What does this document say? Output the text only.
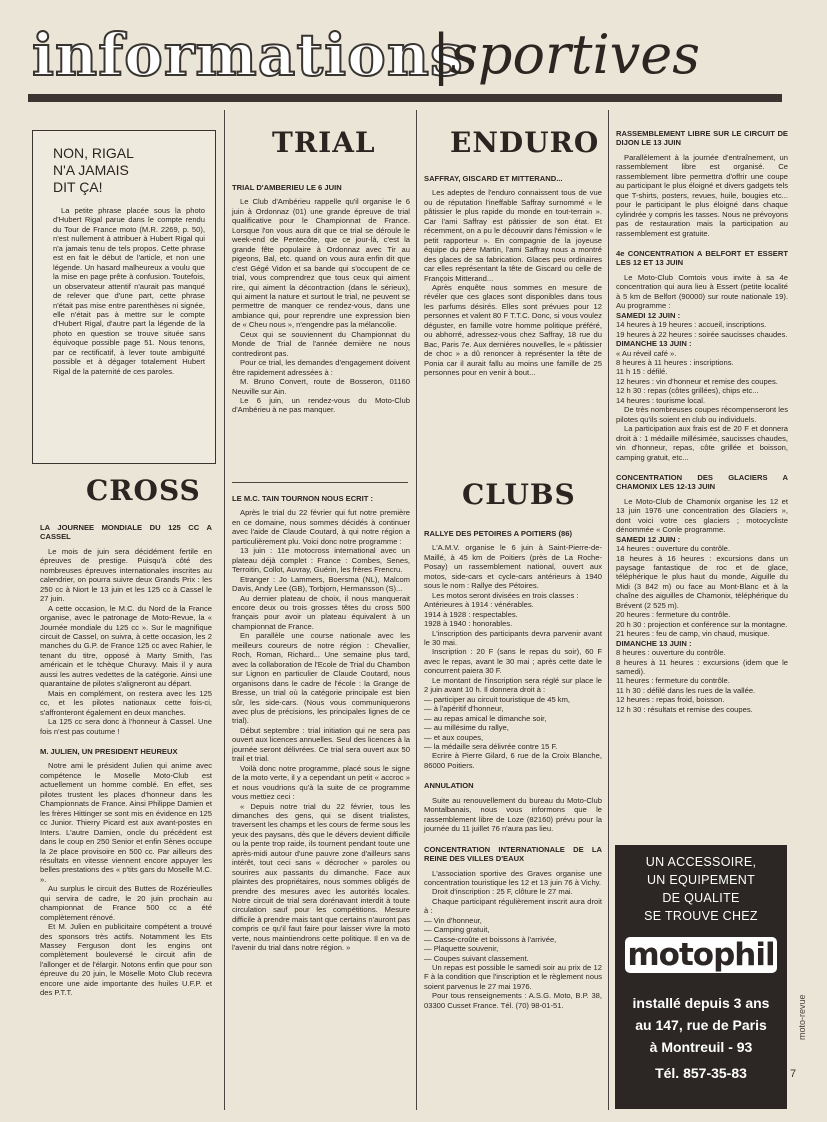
informations
|sportives
NON, RIGAL
N'A JAMAIS
DIT ÇA!
La petite phrase placée sous la photo d'Hubert Rigal parue dans le compte rendu du Tour de France moto (M.R. 2269, p. 50), n'est nullement à attribuer à Hubert Rigal qui n'a jamais tenu de tels propos. Cette phrase est en fait le début de l'article, et non une légende. Un hasard malheureux a voulu que la mise en page prête à confusion. Toutefois, un observateur attentif n'aurait pas manqué de relever que d'une part, cette phrase n'était pas mise entre parenthèses ni signée, elle n'était pas à mettre sur le compte d'Hubert Rigal, d'autre part la légende de la photo en question se trouve située sans équivoque possible page 51. Nous tenons, par ce rectificatif, à lever toute ambiguïté possible et à dégager totalement Hubert Rigal de la paternité de ces paroles.
CROSS

LA JOURNEE MONDIALE DU 125 CC A CASSEL

Le mois de juin sera décidément fertile en épreuves de prestige. Puisqu'à côté des nombreuses épreuves internationales inscrites au calendrier, on pourra suivre deux Grands Prix : les 250 cc à Niort le 13 juin et les 125 cc à Cassel le 27 juin.

A cette occasion, le M.C. du Nord de la France organise, avec le patronage de Moto-Revue, la « Journée mondiale du 125 cc ». Sur le magnifique circuit de Cassel, on suivra, à cette occasion, les 2 manches du G.P. de France 125 cc avec Rahier, le tenant du titre, opposé à Marty Smith, l'as américain et le tchèque Churavy. Mais il y aura aussi les autres vedettes de la catégorie. Ainsi une quarantaine de pilotes s'aligneront au départ.

Mais en complément, on restera avec les 125 cc, et les pilotes nationaux cette fois-ci, s'affronteront également en deux manches.

La 125 cc sera donc à l'honneur à Cassel. Une fois n'est pas coutume !

M. JULIEN, UN PRESIDENT HEUREUX

Notre ami le président Julien qui anime avec compétence le Moselle Moto-Club est actuellement un homme comblé. En effet, ses pilotes trustent les places d'honneur dans les Championnats de France. Ainsi Philippe Damien et les frères Hittinger se sont mis en évidence en 125 cc Junior. Thierry Picard est aux avant-postes en Inters. L'autre Damien, oncle du précédent est dans le coup en 250 Senior et enfin Sènes occupe la 2e place provisoire en 500 cc. Par ailleurs des résultats en vitesse viennent encore appuyer les belles prestations des « p'tits gars du Moselle M.C. ».

Au surplus le circuit des Buttes de Rozérieulles qui servira de cadre, le 20 juin prochain au championnat de France 500 cc a été complètement rénové.

Et M. Julien en publicitaire compétent a trouvé des sponsors très actifs. Notamment les Ets Massey Ferguson dont les engins ont complètement bouleversé le circuit afin de l'allonger et de l'élargir. Notons enfin que pour son épreuve du 20 juin, le Moselle Moto Club recevra encore une aide importante des huiles U.F.P. et des P.T.T.

TRIAL

TRIAL D'AMBERIEU LE 6 JUIN

Le Club d'Ambérieu rappelle qu'il organise le 6 juin à Ordonnaz (01) une grande épreuve de trial qualificative pour le Championnat de France. Lorsque l'on vous aura dit que ce trial se déroule le week-end de Pentecôte, que ce jour-là, c'est la grande fête populaire à Ordonnaz avec Tir au pigeons, Bal, etc. quand on vous aura enfin dit que c'est Gégé Vidon et sa bande qui s'occupent de ce trial, vous comprendrez que tous ceux qui aiment rire, qui aiment la décontraction (dans le sérieux), qui aiment la nature et surtout le trial, ne peuvent se permettre de manquer ce rendez-vous, dans une ambiance qui, pour reprendre une expression bien de « Cheu nous », n'engendre pas la mélancolie.

Ceux qui se souviennent du Championnat du Monde de Trial de l'année dernière ne nous contrediront pas.

Pour ce trial, les demandes d'engagement doivent être rapidement adressées à :

M. Bruno Convert, route de Bosseron, 01160 Neuville sur Ain.

Le 6 juin, un rendez-vous du Moto-Club d'Ambérieu à ne pas manquer.

LE M.C. TAIN TOURNON NOUS ECRIT :

Après le trial du 22 février qui fut notre première en ce domaine, nous sommes décidés à continuer avec l'aide de Claude Coutard, à qui notre région a particulièrement plu. Voici donc notre programme :

13 juin : 11e motocross international avec un plateau déjà complet : France : Combes, Senes, Terroitin, Collot, Auvray, Guérin, les frères Frencru.

Etranger : Jo Lammers, Boersma (NL), Malcom Davis, Andy Lee (GB), Torbjorn, Hermansson (S)...

Au dernier plateau de choix, il nous manquerait encore deux ou trois grosses têtes du cross 500 français pour avoir un plateau équivalent à un championnat de France.

En parallèle une course nationale avec les meilleurs coureurs de notre région : Chevallier, Roch, Roman, Richard... Une semaine plus tard, avec la collaboration de l'Ecole de Trial du Chambon sur Lignon en particulier de Claude Coutard, nous organisons dans le cadre de l'école : la Grange de Bresse, un trial où la catégorie principale est bien sûr, les side-cars. (Nous vous communiquerons avec plus de précisions, les principales lignes de ce trial).

Début septembre : trial initiation qui ne sera pas ouvert aux licences annuelles. Seul des licences à la journée seront délivrées. Ce trial sera ouvert aux 50 trail et trial.

Voilà donc notre programme, placé sous le signe de la moto verte, il y a cependant un petit « accroc » et nous voudrions qu'à la suite de ce programme vous mettiez ceci :

« Depuis notre trial du 22 février, tous les dimanches des gens, qui se disent trialistes, traversent les champs et les cours de ferme sous les yeux des paysans, dès que le dévers devient difficile ou la pente trop raide, ils tournent pendant toute une après-midi autour d'une pauvre zone d'ailleurs sans intérêt, tout ceci sans « décrocher » paroles ou sourires aux passants du dimanche. Face aux plaintes des propriétaires, nous sommes obligés de prendre des mesures avec les autorités locales. Notre circuit de trial sera dorénavant interdit à toute circulation sauf pour les compétitions. Mesure difficile à prendre mais tant que certains n'auront pas compris ce qu'il faut faire pour laisser vivre la moto verte, nous maintiendrons cette politique. Il en va de l'avenir du trial dans notre région. »

ENDURO

SAFFRAY, GISCARD ET MITTERAND...

Les adeptes de l'enduro connaissent tous de vue ou de réputation l'ineffable Saffray surnommé « le pâtissier le plus rapide du monde en tout-terrain ». Car l'ami Saffray est pâtissier de son état. Et récemment, on a pu le découvrir dans l'émission « le petit rapporteur ». En compagnie de la joyeuse équipe du père Martin, l'ami Saffray nous a montré des glaces de sa fabrication. Glaces peu ordinaires car elles représentant la tête de Giscard ou celle de François Mitterand...

Après enquête nous sommes en mesure de révéler que ces glaces sont disponibles dans tous les parfums désirés. Elles sont prévues pour 12 personnes et valent 80 F T.T.C. Donc, si vous voulez déguster, en famille votre homme politique préféré, ou abhorré, adressez-vous chez Saffray, 18 rue du Bac, Paris 7e. Aux dernières nouvelles, le « pâtissier de choc » a dû renoncer à représenter la tête de Ponia car il aurait fallu au moins une famille de 25 personnes pour en venir à bout...

CLUBS

RALLYE DES PETOIRES A POITIERS (86)

L'A.M.V. organise le 6 juin à Saint-Pierre-de-Maillé, à 45 km de Poitiers (près de La Roche-Posay) un rassemblement national, ouvert aux motos, side-cars et cycle-cars antérieurs à 1940 sous le nom : Rallye des Pétoires.

Les motos seront divisées en trois classes :

Antérieures à 1914 : vénérables.

1914 à 1928 : respectables.

1928 à 1940 : honorables.

L'inscription des participants devra parvenir avant le 30 mai.

Inscription : 20 F (sans le repas du soir), 60 F avec le repas, avant le 30 mai ; après cette date le concurrent paiera 30 F.

Le montant de l'inscription sera réglé sur place le 2 juin avant 10 h. Il donnera droit à :

— participer au circuit touristique de 45 km,

— à l'apéritif d'honneur,

— au repas amical le dimanche soir,

— au millésime du rallye,

— et aux coupes,

— la médaille sera délivrée contre 15 F.

Ecrire à Pierre Gilard, 6 rue de la Croix Blanche, 86000 Poitiers.

ANNULATION

Suite au renouvellement du bureau du Moto-Club Montalbanais, nous vous informons que le rassemblement libre de Loze (82160) prévu pour la journée du 11 juillet 76 n'aura pas lieu.

CONCENTRATION INTERNATIONALE DE LA REINE DES VILLES D'EAUX

L'association sportive des Graves organise une concentration touristique les 12 et 13 juin 76 à Vichy.

Droit d'inscription : 25 F, clôture le 27 mai.

Chaque participant régulièrement inscrit aura droit à :

— Vin d'honneur,

— Camping gratuit,

— Casse-croûte et boissons à l'arrivée,

— Plaquette souvenir,

— Coupes suivant classement.

Un repas est possible le samedi soir au prix de 12 F à la condition que l'inscription et le règlement nous soient parvenus le 27 mai 1976.

Pour tous renseignements : A.S.G. Moto, B.P. 38, 03300 Cusset France. Tél. (70) 98-01-51.

RASSEMBLEMENT LIBRE SUR LE CIRCUIT DE DIJON LE 13 JUIN

Parallèlement à la journée d'entraînement, un rassemblement libre est organisé. Ce rassemblement libre permettra d'offrir une coupe au participant le plus éloigné et divers gadgets tels que T-shirts, posters, revues, huile, bougies etc... pour le participant le plus éloigné dans chaque cylindrée y compris les tasses. Nous ne prévoyons pas de restauration mais la participation au rassemblement est gratuite.

4e CONCENTRATION A BELFORT ET ESSERT LES 12 ET 13 JUIN

Le Moto-Club Comtois vous invite à sa 4e concentration qui aura lieu à Essert (petite localité à 5 km de Belfort (90000) sur route nationale 19). Au programme :

SAMEDI 12 JUIN :

14 heures à 19 heures : accueil, inscriptions.

19 heures à 22 heures : soirée saucisses chaudes.

DIMANCHE 13 JUIN :

« Au réveil café ».

8 heures à 11 heures : inscriptions.

11 h 15 : défilé.

12 heures : vin d'honneur et remise des coupes.

12 h 30 : repas (côtes grillées), chips etc...

14 heures : tourisme local.

De très nombreuses coupes récompenseront les pilotes qu'ils soient en club ou individuels.

La participation aux frais est de 20 F et donnera droit à : 1 médaille millésimée, saucisses chaudes, vin d'honneur, repas, côte grillée et boisson, camping gratuit, etc...

CONCENTRATION DES GLACIERS A CHAMONIX LES 12-13 JUIN

Le Moto-Club de Chamonix organise les 12 et 13 juin 1976 une concentration des Glaciers », dont voici votre ces glaciers ; motocycliste dénommée « Conle programme.

SAMEDI 12 JUIN :

14 heures : ouverture du contrôle.

18 heures à 16 heures : excursions dans un paysage fantastique de roc et de glace, téléphérique le plus haut du monde, Aiguille du Midi (3 842 m) ou face au Mont-Blanc et à la chaîne des aiguilles de Chamonix, téléphérique du Brévent (2 525 m).

20 heures : fermeture du contrôle.

20 h 30 : projection et conférence sur la montagne.

21 heures : feu de camp, vin chaud, musique.

DIMANCHE 13 JUIN :

8 heures : ouverture du contrôle.

8 heures à 11 heures : excursions (idem que le samedi).

11 heures : fermeture du contrôle.

11 h 30 : défilé dans les rues de la vallée.

12 heures : repas froid, boisson.

12 h 30 : résultats et remise des coupes.

UN ACCESSOIRE,
UN EQUIPEMENT
DE QUALITE
SE TROUVE CHEZ
motophil
installé depuis 3 ans
au 147, rue de Paris
à Montreuil - 93
Tél. 857-35-83
moto-revue
7
